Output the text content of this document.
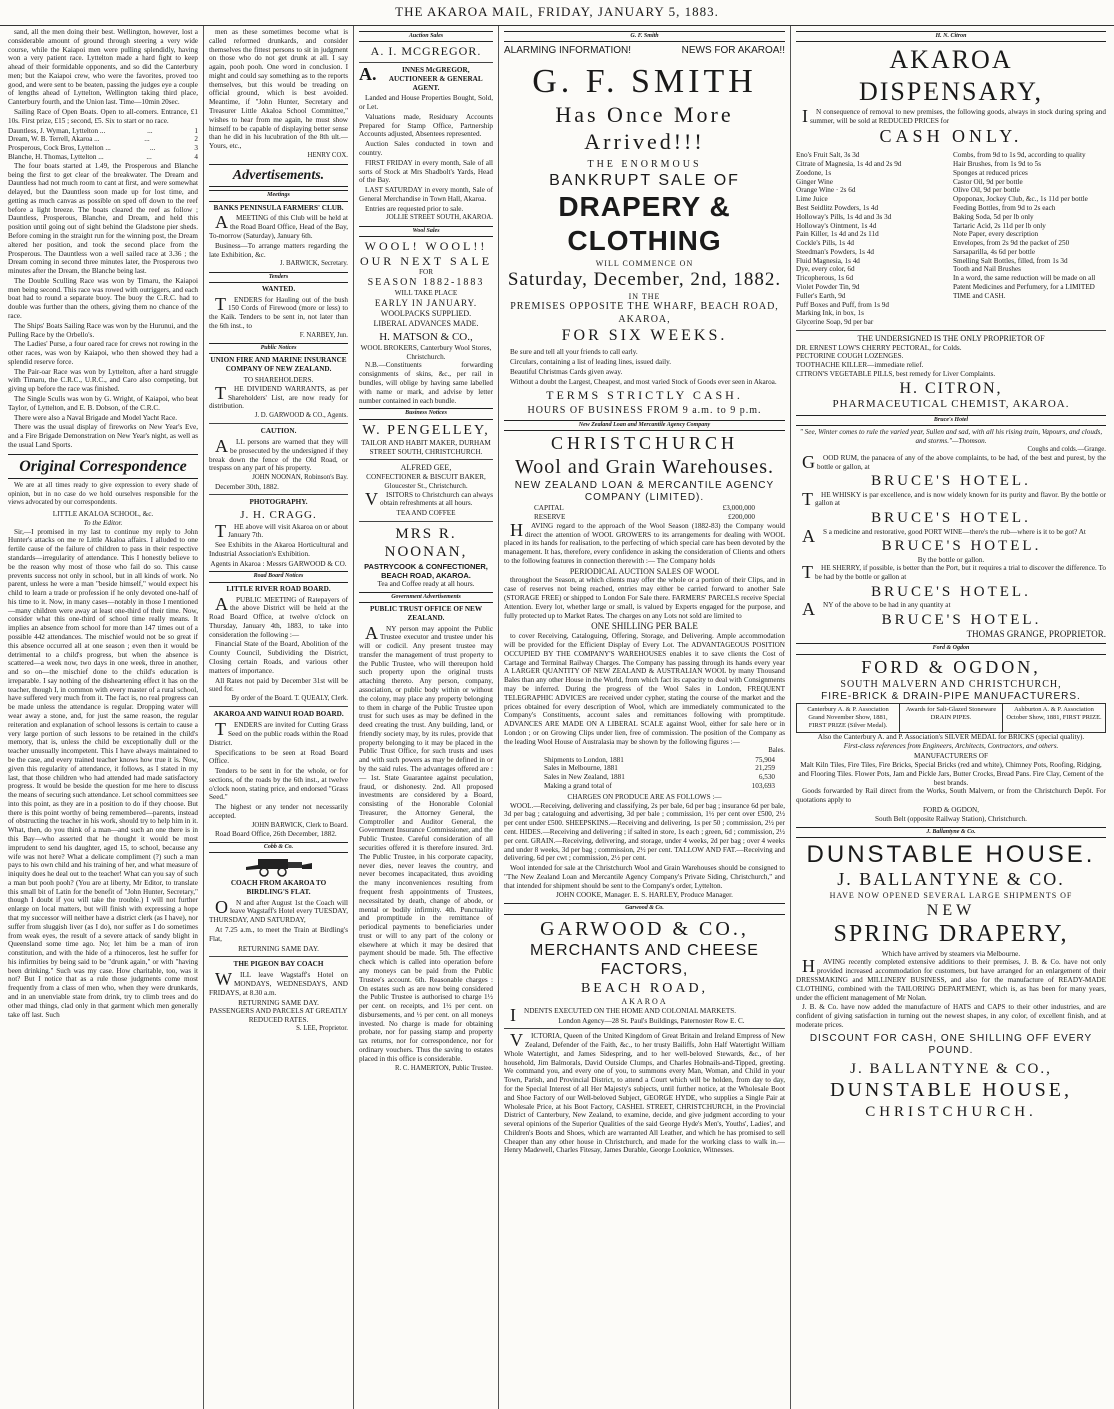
THE AKAROA MAIL, FRIDAY, JANUARY 5, 1883.
sand, all the men doing their best. Wellington, however, lost a considerable amount of ground through steering a very wide course, while the Kaiapoi men were pulling splendidly, having won a very patient race. Lyttelton made a hard fight to keep ahead of their formidable opponents, and so did the Canterbury men; but the Kaiapoi crew, who were the favorites, proved too good, and were sent to be beaten, passing the judges eye a couple of lengths ahead of Lyttelton, Wellington taking third place, Canterbury fourth, and the Union last. Time—10min 20sec.
Sailing Race of Open Boats. Open to all-comers. Entrance, £1 10s. First prize, £15 ; second, £5. Six to start or no race.
Dauntless, J. Wyman, Lyttelton ...	...	1
Dream, W. B. Terrell, Akaroa ...	...	2
Prosperous, Cock Bros, Lyttelton ...	...	3
Blanche, H. Thomas, Lyttelton ...	...	4
The four boats started at 1.49, the Prosperous and Blanche being the first to get clear of the breakwater. The Dream and Dauntless had not much room to cant at first, and were somewhat delayed, but the Dauntless soon made up for lost time, and getting as much canvas as possible on sped off down to the reef before a light breeze. The boats cleared the reef as follow ; Dauntless, Prosperous, Blanche, and Dream, and held this position until going out of sight behind the Gladstone pier sheds. Before coming in the straight run for the winning post, the Dream altered her position, and took the second place from the Prosperous. The Dauntless won a well sailed race at 3.36 ; the Dream coming in second three minutes later, the Prosperous two minutes after the Dream, the Blanche being last.
The Double Sculling Race was won by Timaru, the Kaiapoi men being second. This race was rowed with outriggers, and each boat had to round a separate buoy. The buoy the C.R.C. had to double was further than the others, giving them no chance of the race.
The Ships' Boats Sailing Race was won by the Hurunui, and the Pulling Race by the Orbello's.
The Ladies' Purse, a four oared race for crews not rowing in the other races, was won by Kaiapoi, who then showed they had a splendid reserve force.
The Pair-oar Race was won by Lyttelton, after a hard struggle with Timaru, the C.R.C., U.R.C., and Caro also competing, but giving up before the race was finished.
The Single Sculls was won by G. Wright, of Kaiapoi, who beat Taylor, of Lyttelton, and E. B. Dobson, of the C.R.C.
There were also a Naval Brigade and Model Yacht Race.
There was the usual display of fireworks on New Year's Eve, and a Fire Brigade Demonstration on New Year's night, as well as the usual Land Sports.
Original Correspondence
We are at all times ready to give expression to every shade of opinion, but in no case do we hold ourselves responsible for the views advocated by our correspondents.
LITTLE AKALOA SCHOOL, &c.
To the Editor.
Sir,—I promised in my last to continue my reply to John Hunter's attacks on me re Little Akaloa affairs. I alluded to one fertile cause of the failure of children to pass in their respective standards—irregularity of attendance. This I honestly believe to be the reason why most of those who fail do so. This cause prevents success not only in school, but in all kinds of work. No parent, unless he were a man "beside himself," would expect his child to learn a trade or profession if he only devoted one-half of his time to it. Now, in many cases—notably in those I mentioned—many children were away at least one-third of their time. Now, consider what this one-third of school time really means. It implies an absence from school for more than 147 times out of a possible 442 attendances. The mischief would not be so great if this absence occurred all at one season ; even then it would be detrimental to a child's progress, but when the absence is scattered—a week now, two days in one week, three in another, and so on—the mischief done to the child's education is irreparable. I say nothing of the disheartening effect it has on the teacher, though I, in common with every master of a rural school, have suffered very much from it. The fact is, no real progress can be made unless the attendance is regular. Dropping water will wear away a stone, and, for just the same reason, the regular reiteration and explanation of school lessons is certain to cause a very large portion of such lessons to be retained in the child's memory, that is, unless the child be exceptionally dull or the teacher unusually incompetent. This I have always maintained to be the case, and every trained teacher knows how true it is. Now, given this regularity of attendance, it follows, as I stated in my last, that those children who had attended had made satisfactory progress. It would be beside the question for me here to discuss the means of securing such attendance. Let school committees see into this point, as they are in a position to do if they choose. But there is this point worthy of being remembered—parents, instead of obstructing the teacher in his work, should try to help him in it. What, then, do you think of a man—and such an one there is in this Bay—who asserted that he thought it would be most imprudent to send his daughter, aged 15, to school, because any wife was not here? What a delicate compliment (?) such a man pays to his own child and his training of her, and what measure of iniquity does he deal out to the teacher! What can you say of such a man but pooh pooh? (You are at liberty, Mr Editor, to translate this small bit of Latin for the benefit of "John Hunter, Secretary," though I doubt if you will take the trouble.) I will not further enlarge on local matters, but will finish with expressing a hope that my successor will neither have a district clerk (as I have), nor suffer from sluggish liver (as I do), nor suffer as I do sometimes from weak eyes, the result of a severe attack of sandy blight in Queensland some time ago. No; let him be a man of iron constitution, and with the hide of a rhinoceros, lest he suffer for his infirmities by being said to be "drunk again," or with "having been drinking." Such was my case. How charitable, too, was it not? But I notice that as a rule those judgments come most frequently from a class of men who, when they were drunkards, and in an unenviable state from drink, try to climb trees and do other mad things, clad only in that garment which men generally take off last. Such
men as these sometimes become what is called reformed drunkards, and consider themselves the fittest persons to sit in judgment on those who do not get drunk at all. I say again, pooh pooh. One word in conclusion. I might and could say something as to the reports themselves, but this would be treading on official ground, which is best avoided. Meantime, if "John Hunter, Secretary and Treasurer Little Akaloa School Committee," wishes to hear from me again, he must show himself to be capable of displaying better sense than he did in his lucubration of the 8th ult.—Yours, etc.,
HENRY COX.
Advertisements.
Meetings
BANKS PENINSULA FARMERS' CLUB.
AMEETING of this Club will be held at the Road Board Office, Head of the Bay, To-morrow (Saturday), January 6th.
Business—To arrange matters regarding the late Exhibition, &c.
J. BARWICK, Secretary.
Tenders
WANTED.
TENDERS for Hauling out of the bush 150 Cords of Firewood (more or less) to the Kaik. Tenders to be sent in, not later than the 6th inst., to
F. NARBEY, Jun.
Public Notices
UNION FIRE AND MARINE INSURANCE COMPANY OF NEW ZEALAND.
TO SHAREHOLDERS.
THE DIVIDEND WARRANTS, as per Shareholders' List, are now ready for distribution.
J. D. GARWOOD & CO., Agents.
CAUTION.
ALL persons are warned that they will be prosecuted by the undersigned if they break down the fence of the Old Road, or trespass on any part of his property.
JOHN NOONAN, Robinson's Bay.
December 30th, 1882.
PHOTOGRAPHY.
J. H. CRAGG.
THE above will visit Akaroa on or about January 7th.
See Exhibits in the Akaroa Horticultural and Industrial Association's Exhibition.
Agents in Akaroa : Messrs GARWOOD & CO.
Road Board Notices
LITTLE RIVER ROAD BOARD.
APUBLIC MEETING of Ratepayers of the above District will be held at the Road Board Office, at twelve o'clock on Thursday, January 4th, 1883, to take into consideration the following :—
Financial State of the Board, Abolition of the County Council, Subdividing the District, Closing certain Roads, and various other matters of importance.
All Rates not paid by December 31st will be sued for.
By order of the Board. T. QUEALY, Clerk.
AKAROA AND WAINUI ROAD BOARD.
TENDERS are invited for Cutting Grass Seed on the public roads within the Road District.
Specifications to be seen at Road Board Office.
Tenders to be sent in for the whole, or for sections, of the roads by the 6th inst., at twelve o'clock noon, stating price, and endorsed "Grass Seed."
The highest or any tender not necessarily accepted.
JOHN BARWICK, Clerk to Board.
Road Board Office, 26th December, 1882.
Cobb & Co.
COACH FROM AKAROA TO BIRDLING'S FLAT.
ON and after August 1st the Coach will leave Wagstaff's Hotel every TUESDAY, THURSDAY, AND SATURDAY,
At 7.25 a.m., to meet the Train at Birdling's Flat,
RETURNING SAME DAY.
THE PIGEON BAY COACH
WILL leave Wagstaff's Hotel on MONDAYS, WEDNESDAYS, AND FRIDAYS, at 8.30 a.m.
RETURNING SAME DAY.
PASSENGERS AND PARCELS AT GREATLY REDUCED RATES.
S. LEE, Proprietor.
Auction Sales
A. I. MCGREGOR.
A.INNES McGREGOR, AUCTIONEER & GENERAL AGENT.
Landed and House Properties Bought, Sold, or Let.
Valuations made, Residuary Accounts Prepared for Stamp Office, Partnership Accounts adjusted, Absentees represented.
Auction Sales conducted in town and country.
FIRST FRIDAY in every month, Sale of all sorts of Stock at Mrs Shadbolt's Yards, Head of the Bay.
LAST SATURDAY in every month, Sale of General Merchandise in Town Hall, Akaroa.
Entries are requested prior to sale.
JOLLIE STREET SOUTH, AKAROA.
Wool Sales
WOOL! WOOL!!
OUR NEXT SALE
FOR
SEASON 1882-1883
WILL TAKE PLACE
EARLY IN JANUARY.
WOOLPACKS SUPPLIED.
LIBERAL ADVANCES MADE.
H. MATSON & CO.,
WOOL BROKERS, Canterbury Wool Stores, Christchurch.
N.B.—Constituents forwarding consignments of skins, &c., per rail in bundles, will oblige by having same labelled with name or mark, and advise by letter number contained in each bundle.
Business Notices
W. PENGELLEY,
TAILOR AND HABIT MAKER, DURHAM STREET SOUTH, CHRISTCHURCH.
ALFRED GEE,
CONFECTIONER & BISCUIT BAKER, Gloucester St., Christchurch.
VISITORS to Christchurch can always obtain refreshments at all hours.
TEA AND COFFEE
MRS R. NOONAN,
PASTRYCOOK & CONFECTIONER, BEACH ROAD, AKAROA.
Tea and Coffee ready at all hours.
Government Advertisements
PUBLIC TRUST OFFICE OF NEW ZEALAND.
ANY person may appoint the Public Trustee executor and trustee under his will or codicil. Any present trustee may transfer the management of trust property to the Public Trustee, who will thereupon hold such property upon the original trusts attaching thereto. Any person, company, association, or public body within or without the colony, may place any property belonging to them in charge of the Public Trustee upon trust for such uses as may be defined in the deed creating the trust. Any building, land, or friendly society may, by its rules, provide that property belonging to it may be placed in the Public Trust Office, for such trusts and uses and with such powers as may be defined in or by the said rules. The advantages offered are :— 1st. State Guarantee against peculation, fraud, or dishonesty. 2nd. All proposed investments are considered by a Board, consisting of the Honorable Colonial Treasurer, the Attorney General, the Comptroller and Auditor General, the Government Insurance Commissioner, and the Public Trustee. Careful consideration of all securities offered it is therefore insured. 3rd. The Public Trustee, in his corporate capacity, never dies, never leaves the country, and never becomes incapacitated, thus avoiding the many inconveniences resulting from frequent fresh appointments of Trustees, necessitated by death, change of abode, or mental or bodily infirmity. 4th. Punctuality and promptitude in the remittance of periodical payments to beneficiaries under trust or will to any part of the colony or elsewhere at which it may be desired that payment should be made. 5th. The effective check which is called into operation before any moneys can be paid from the Public Trustee's account. 6th. Reasonable charges : On estates such as are now being considered the Public Trustee is authorised to charge 1½ per cent. on receipts, and 1½ per cent. on disbursements, and ½ per cent. on all moneys invested. No charge is made for obtaining probate, nor for passing stamp and property tax returns, nor for correspondence, nor for ordinary vouchers. Thus the saving to estates placed in this office is considerable.
R. C. HAMERTON, Public Trustee.
G. F. Smith
ALARMING INFORMATION!	NEWS FOR AKAROA!!
G. F. SMITH
Has Once More Arrived!!!
THE ENORMOUS
BANKRUPT SALE OF
DRAPERY & CLOTHING
WILL COMMENCE ON
Saturday, December, 2nd, 1882.
IN THE
PREMISES OPPOSITE THE WHARF, BEACH ROAD, AKAROA,
FOR SIX WEEKS.
Be sure and tell all your friends to call early.
Circulars, containing a list of leading lines, issued daily.
Beautiful Christmas Cards given away.
Without a doubt the Largest, Cheapest, and most varied Stock of Goods ever seen in Akaroa.
TERMS STRICTLY CASH.
HOURS OF BUSINESS FROM 9 a.m. to 9 p.m.
New Zealand Loan and Mercantile Agency Company
CHRISTCHURCH
Wool and Grain Warehouses.
NEW ZEALAND LOAN & MERCANTILE AGENCY COMPANY (LIMITED).
CAPITAL	£3,000,000
RESERVE	£200,000
HAVING regard to the approach of the Wool Season (1882-83) the Company would direct the attention of WOOL GROWERS to its arrangements for dealing with WOOL placed in its hands for realisation, to the perfecting of which special care has been devoted by the management. It has, therefore, every confidence in asking the consideration of Clients and others to the following features in connection therewith :— The Company holds
PERIODICAL AUCTION SALES OF WOOL
throughout the Season, at which clients may offer the whole or a portion of their Clips, and in case of reserves not being reached, entries may either be carried forward to another Sale (STORAGE FREE) or shipped to London For Sale there. FARMERS' PARCELS receive Special Attention. Every lot, whether large or small, is valued by Experts engaged for the purpose, and fully protected up to Market Rates. The charges on any Lots not sold are limited to
ONE SHILLING PER BALE
to cover Receiving, Cataloguing, Offering, Storage, and Delivering. Ample accommodation will be provided for the Efficient Display of Every Lot. The ADVANTAGEOUS POSITION OCCUPIED BY THE COMPANY'S WAREHOUSES enables it to save clients the Cost of Cartage and Terminal Railway Charges. The Company has passing through its hands every year A LARGER QUANTITY OF NEW ZEALAND & AUSTRALIAN WOOL by many Thousand Bales than any other House in the World, from which fact its capacity to deal with Consignments may be inferred. During the progress of the Wool Sales in London, FREQUENT TELEGRAPHIC ADVICES are received under cypher, stating the course of the market and the prices obtained for every description of Wool, which are immediately communicated to the Company's Constituents, account sales and remittances following with promptitude. ADVANCES ARE MADE ON A LIBERAL SCALE against Wool, either for sale here or in London ; or on Growing Clips under lien, free of commission. The position of the Company as the leading Wool House of Australasia may be shown by the following figures :—
Bales.
Shipments to London, 1881	75,904
Sales in Melbourne, 1881	21,259
Sales in New Zealand, 1881	6,530
Making a grand total of	103,693
CHARGES ON PRODUCE ARE AS FOLLOWS :—
WOOL.—Receiving, delivering and classifying, 2s per bale, 6d per bag ; insurance 6d per bale, 3d per bag ; cataloguing and advertising, 3d per bale ; commission, 1½ per cent over £500, 2½ per cent under £500. SHEEPSKINS.—Receiving and delivering, 1s per 50 ; commission, 2½ per cent. HIDES.—Receiving and delivering ; if salted in store, 1s each ; green, 6d ; commission, 2½ per cent. GRAIN.—Receiving, delivering, and storage, under 4 weeks, 2d per bag ; over 4 weeks and under 8 weeks, 3d per bag ; commission, 2½ per cent. TALLOW AND FAT.—Receiving and delivering, 6d per cwt ; commission, 2½ per cent.
Wool intended for sale at the Christchurch Wool and Grain Warehouses should be consigned to "The New Zealand Loan and Mercantile Agency Company's Private Siding, Christchurch," and that intended for shipment should be sent to the Company's order, Lyttelton.
JOHN COOKE, Manager. E. S. HARLEY, Produce Manager.
Garwood & Co.
GARWOOD & CO.,
MERCHANTS AND CHEESE FACTORS,
BEACH ROAD,
AKAROA
INDENTS EXECUTED ON THE HOME AND COLONIAL MARKETS.
London Agency—28 St. Paul's Buildings, Paternoster Row E. C.
VICTORIA, Queen of the United Kingdom of Great Britain and Ireland Empress of New Zealand, Defender of the Faith, &c., to her trusty Bailiffs, John Half Watertight William Whole Watertight, and James Sidespring, and to her well-beloved Stewards, &c., of her household, Jim Balmorals, David Outside Clumps, and Charles Hobnails-and-Tipped, greeting. We command you, and every one of you, to summons every Man, Woman, and Child in your Town, Parish, and Provincial District, to attend a Court which will be holden, from day to day, for the Special Interest of all Her Majesty's subjects, until further notice, at the Wholesale Boot and Shoe Factory of our Well-beloved Subject, GEORGE HYDE, who supplies a Single Pair at Wholesale Price, at his Boot Factory, CASHEL STREET, CHRISTCHURCH, in the Provincial District of Canterbury, New Zealand, to examine, decide, and give judgment according to your several opinions of the Superior Qualities of the said George Hyde's Men's, Youths', Ladies', and Children's Boots and Shoes, which are warranted All Leather, and which he has promised to sell Cheaper than any other house in Christchurch, and made for the working class to walk in.—Henry Madewell, Charles Fitesay, James Durable, George Looknice, Witnesses.
H. N. Citron
AKAROA DISPENSARY,
IN consequence of removal to new premises, the following goods, always in stock during spring and summer, will be sold at REDUCED PRICES for
CASH ONLY.
Eno's Fruit Salt, 3s 3d
Citrate of Magnesia, 1s 4d and 2s 9d
Zoedone, 1s
Ginger Wine
Orange Wine · 2s 6d
Lime Juice
Best Seidlitz Powders, 1s 4d
Holloway's Pills, 1s 4d and 3s 3d
Holloway's Ointment, 1s 4d
Pain Killer, 1s 4d and 2s 11d
Cockle's Pills, 1s 4d
Steedman's Powders, 1s 4d
Fluid Magnesia, 1s 4d
Dye, every color, 6d
Tricopherous, 1s 6d
Violet Powder Tin, 9d
Fuller's Earth, 9d
Puff Boxes and Puff, from 1s 9d
Marking Ink, in box, 1s
Glycerine Soap, 9d per bar
Combs, from 9d to 1s 9d, according to quality
Hair Brushes, from 1s 9d to 5s
Sponges at reduced prices
Castor Oil, 9d per bottle
Olive Oil, 9d per bottle
Opoponax, Jockey Club, &c., 1s 11d per bottle
Feeding Bottles, from 9d to 2s each
Baking Soda, 5d per lb only
Tartaric Acid, 2s 11d per lb only
Note Paper, every description
Envelopes, from 2s 9d the packet of 250
Sarsaparilla, 4s 6d per bottle
Smelling Salt Bottles, filled, from 1s 3d
Tooth and Nail Brushes
In a word, the same reduction will be made on all Patent Medicines and Perfumery, for a LIMITED TIME and CASH.
THE UNDERSIGNED IS THE ONLY PROPRIETOR OF
DR. ERNEST LOW'S CHERRY PECTORAL, for Colds.
PECTORINE COUGH LOZENGES.
TOOTHACHE KILLER—immediate relief.
CITRON'S VEGETABLE PILLS, best remedy for Liver Complaints.
H. CITRON,
PHARMACEUTICAL CHEMIST, AKAROA.
Bruce's Hotel
" See, Winter comes to rule the varied year, Sullen and sad, with all his rising train, Vapours, and clouds, and storms."—Thomson.
Coughs and colds.—Grange.
GOOD RUM, the panacea of any of the above complaints, to be had, of the best and purest, by the bottle or gallon, at
BRUCE'S HOTEL.
THE WHISKY is par excellence, and is now widely known for its purity and flavor. By the bottle or gallon at
BRUCE'S HOTEL.
AS a medicine and restorative, good PORT WINE—there's the rub—where is it to be got? At
BRUCE'S HOTEL.
By the bottle or gallon.
THE SHERRY, if possible, is better than the Port, but it requires a trial to discover the difference. To be had by the bottle or gallon at
BRUCE'S HOTEL.
ANY of the above to be had in any quantity at
BRUCE'S HOTEL.
THOMAS GRANGE, PROPRIETOR.
Ford & Ogdon
FORD & OGDON,
SOUTH MALVERN AND CHRISTCHURCH,
FIRE-BRICK & DRAIN-PIPE MANUFACTURERS.
Canterbury A. & P. Association Grand November Show, 1881, FIRST PRIZE (Silver Medal).
Awards for Salt-Glazed Stoneware DRAIN PIPES.
Ashburton A. & P. Association October Show, 1881, FIRST PRIZE.
Also the Canterbury A. and P. Association's SILVER MEDAL for BRICKS (special quality).
First-class references from Engineers, Architects, Contractors, and others.
MANUFACTURERS OF
Malt Kiln Tiles, Fire Tiles, Fire Bricks, Special Bricks (red and white), Chimney Pots, Roofing, Ridging, and Flooring Tiles. Flower Pots, Jam and Pickle Jars, Butter Crocks, Bread Pans. Fire Clay, Cement of the best brands.
Goods forwarded by Rail direct from the Works, South Malvern, or from the Christchurch Depôt. For quotations apply to
FORD & OGDON,
South Belt (opposite Railway Station), Christchurch.
J. Ballantyne & Co.
DUNSTABLE HOUSE.
J. BALLANTYNE & CO.
HAVE NOW OPENED SEVERAL LARGE SHIPMENTS OF
NEW
SPRING DRAPERY,
Which have arrived by steamers via Melbourne.
HAVING recently completed extensive additions to their premises, J. B. & Co. have not only provided increased accommodation for customers, but have arranged for an enlargement of their DRESSMAKING and MILLINERY BUSINESS, and also for the manufacture of READY-MADE CLOTHING, combined with the TAILORING DEPARTMENT, which is, as has been for many years, under the efficient management of Mr Nolan.
J. B. & Co. have now added the manufacture of HATS and CAPS to their other industries, and are confident of giving satisfaction in turning out the newest shapes, in any color, of excellent finish, and at moderate prices.
DISCOUNT FOR CASH, ONE SHILLING OFF EVERY POUND.
J. BALLANTYNE & CO.,
DUNSTABLE HOUSE,
CHRISTCHURCH.
